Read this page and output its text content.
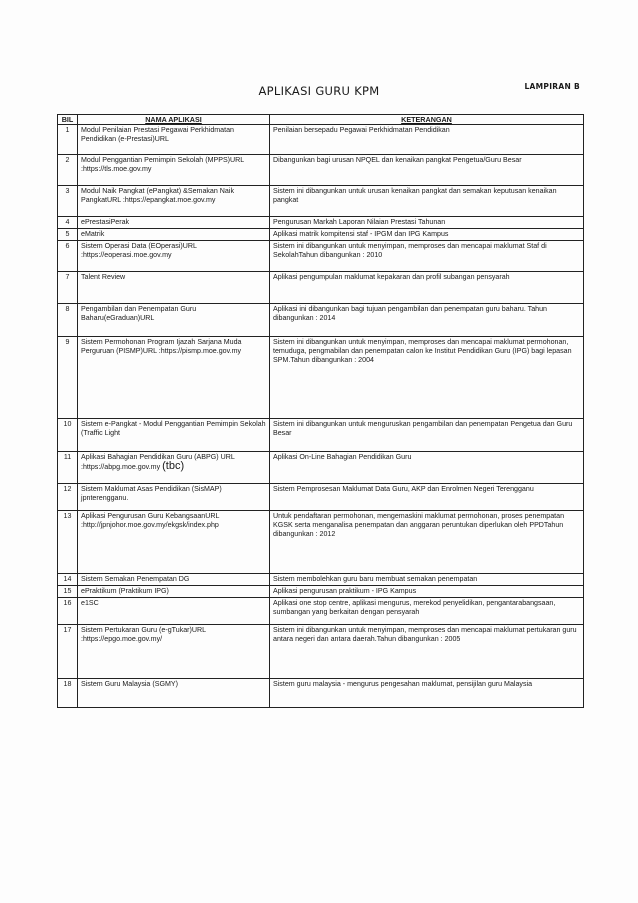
APLIKASI GURU KPM	LAMPIRAN B
BIL	NAMA APLIKASI	KETERANGAN
1	Modul Penilaian Prestasi Pegawai Perkhidmatan Pendidikan (e-Prestasi)URL	Penilaian bersepadu Pegawai Perkhidmatan Pendidikan
2	Modul Penggantian Pemimpin Sekolah (MPPS)URL :https://tls.moe.gov.my	Dibangunkan bagi urusan NPQEL dan kenaikan pangkat Pengetua/Guru Besar
3	Modul Naik Pangkat (ePangkat) &Semakan Naik PangkatURL :https://epangkat.moe.gov.my	Sistem ini dibangunkan untuk urusan kenaikan pangkat dan semakan keputusan kenaikan pangkat
4	ePrestasiPerak	Pengurusan Markah Laporan Nilaian Prestasi Tahunan
5	eMatrik	Aplikasi matrik kompitensi staf - IPGM dan IPG Kampus
6	Sistem Operasi Data (EOperasi)URL :https://eoperasi.moe.gov.my	Sistem ini dibangunkan untuk menyimpan, memproses dan mencapai maklumat Staf di SekolahTahun dibangunkan : 2010
7	Talent Review	Aplikasi pengumpulan maklumat kepakaran dan profil subangan pensyarah
8	Pengambilan dan Penempatan Guru Baharu(eGraduan)URL	Aplikasi ini dibangunkan bagi tujuan pengambilan dan penempatan guru baharu. Tahun dibangunkan : 2014
9	Sistem Permohonan Program Ijazah Sarjana Muda Perguruan (PISMP)URL :https://pismp.moe.gov.my	Sistem ini dibangunkan untuk menyimpan, memproses dan mencapai maklumat permohonan, temuduga, pengmabilan dan penempatan calon ke Institut Pendidikan Guru (IPG) bagi lepasan SPM.Tahun dibangunkan : 2004
10	Sistem e-Pangkat - Modul Penggantian Pemimpin Sekolah (Traffic Light	Sistem ini dibangunkan untuk menguruskan pengambilan dan penempatan Pengetua dan Guru Besar
11	Aplikasi Bahagian Pendidikan Guru (ABPG) URL :https://abpg.moe.gov.my (tbc)	Aplikasi On-Line Bahagian Pendidikan Guru
12	Sistem Maklumat Asas Pendidikan (SisMAP) jpnterengganu.	Sistem Pemprosesan Maklumat Data Guru, AKP dan Enrolmen Negeri Terengganu
13	Aplikasi Pengurusan Guru KebangsaanURL :http://jpnjohor.moe.gov.my/ekgsk/index.php	Untuk pendaftaran permohonan, mengemaskini maklumat permohonan, proses penempatan KGSK serta menganalisa penempatan dan anggaran peruntukan diperlukan oleh PPDTahun dibangunkan : 2012
14	Sistem Semakan Penempatan DG	Sistem membolehkan guru baru membuat semakan penempatan
15	ePraktikum (Praktikum IPG)	Aplikasi pengurusan praktikum - IPG Kampus
16	e1SC	Aplikasi one stop centre, aplikasi mengurus, merekod penyelidikan, pengantarabangsaan, sumbangan yang berkaitan dengan pensyarah
17	Sistem Pertukaran Guru (e-gTukar)URL :https://epgo.moe.gov.my/	Sistem ini dibangunkan untuk menyimpan, memproses dan mencapai maklumat pertukaran guru antara negeri dan antara daerah.Tahun dibangunkan : 2005
18	Sistem Guru Malaysia (SGMY)	Sistem guru malaysia - mengurus pengesahan maklumat, pensijilan guru Malaysia
